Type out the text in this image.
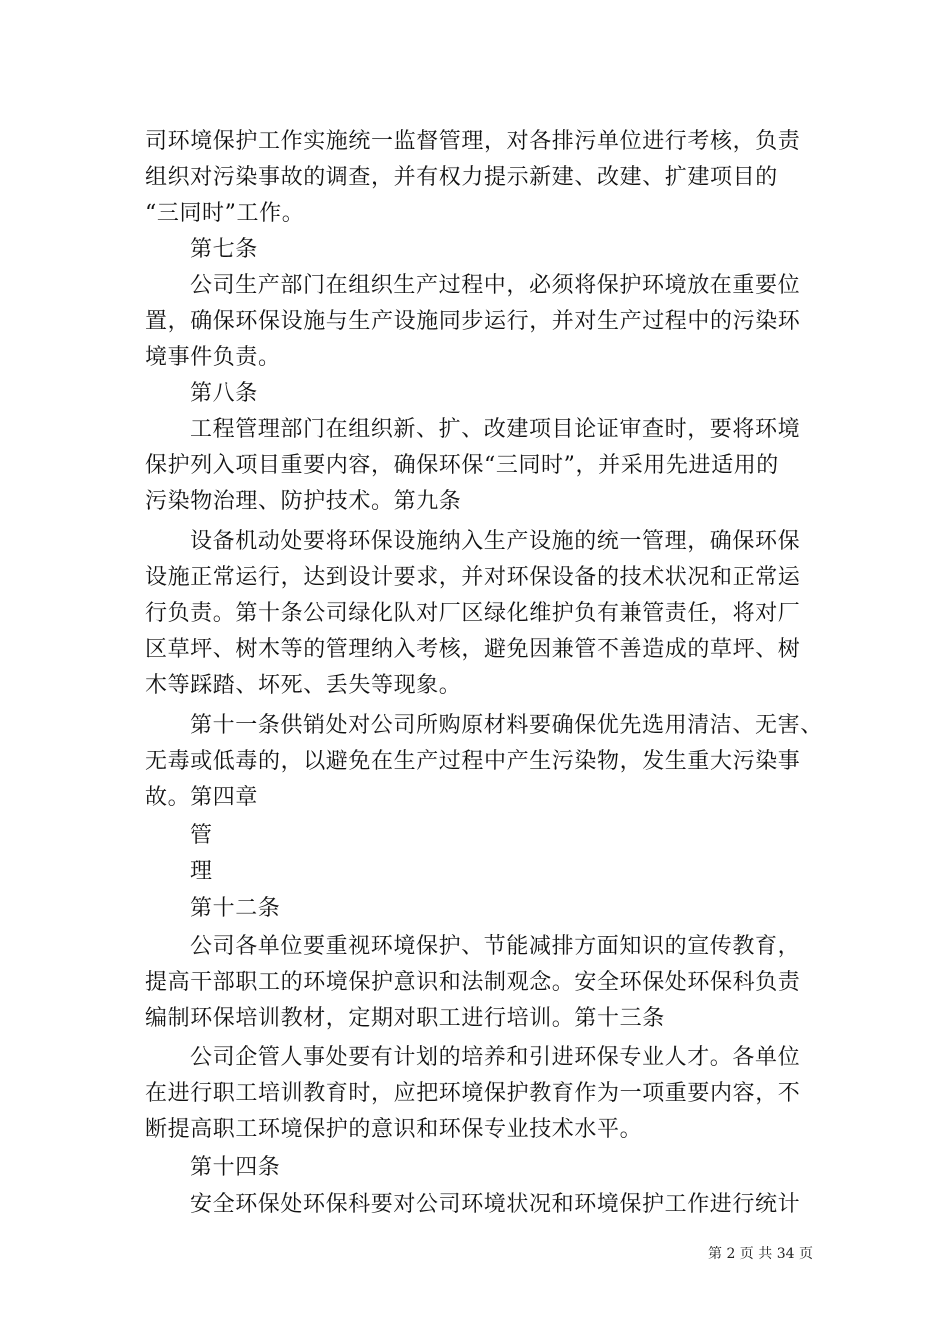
司环境保护工作实施统一监督管理，对各排污单位进行考核，负责
组织对污染事故的调查，并有权力提示新建、改建、扩建项目的
“三同时”工作。
第七条
公司生产部门在组织生产过程中，必须将保护环境放在重要位
置，确保环保设施与生产设施同步运行，并对生产过程中的污染环
境事件负责。
第八条
工程管理部门在组织新、扩、改建项目论证审查时，要将环境
保护列入项目重要内容，确保环保“三同时”，并采用先进适用的
污染物治理、防护技术。第九条
设备机动处要将环保设施纳入生产设施的统一管理，确保环保
设施正常运行，达到设计要求，并对环保设备的技术状况和正常运
行负责。第十条公司绿化队对厂区绿化维护负有兼管责任，将对厂
区草坪、树木等的管理纳入考核，避免因兼管不善造成的草坪、树
木等踩踏、坏死、丢失等现象。
第十一条供销处对公司所购原材料要确保优先选用清洁、无害、
无毒或低毒的，以避免在生产过程中产生污染物，发生重大污染事
故。第四章
管
理
第十二条
公司各单位要重视环境保护、节能减排方面知识的宣传教育，
提高干部职工的环境保护意识和法制观念。安全环保处环保科负责
编制环保培训教材，定期对职工进行培训。第十三条
公司企管人事处要有计划的培养和引进环保专业人才。各单位
在进行职工培训教育时，应把环境保护教育作为一项重要内容，不
断提高职工环境保护的意识和环保专业技术水平。
第十四条
安全环保处环保科要对公司环境状况和环境保护工作进行统计
第 2 页 共 34 页
